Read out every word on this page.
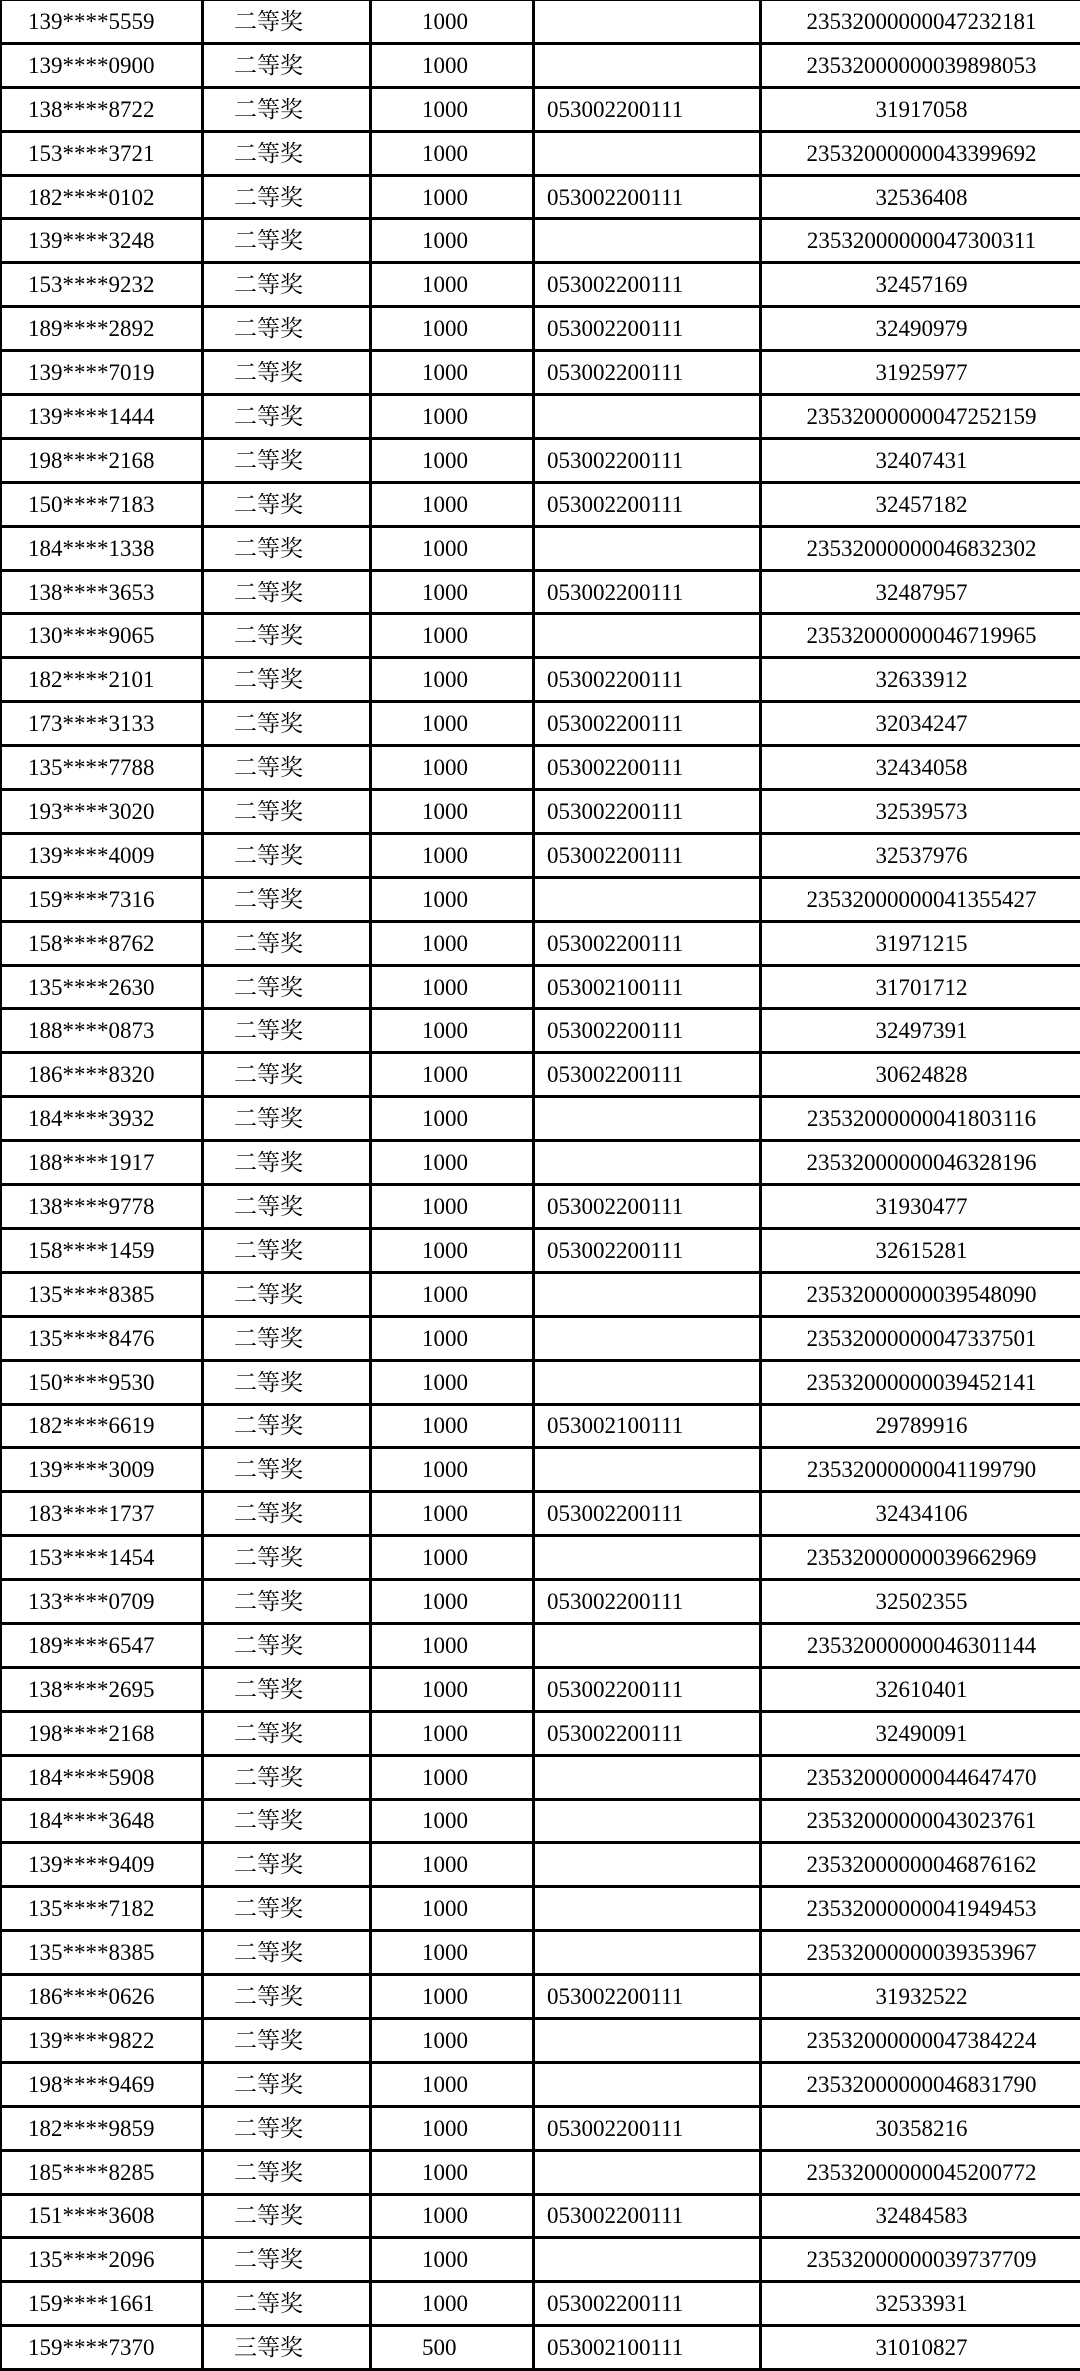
139****5559	二等奖	1000		23532000000047232181
139****0900	二等奖	1000		23532000000039898053
138****8722	二等奖	1000	053002200111	31917058
153****3721	二等奖	1000		23532000000043399692
182****0102	二等奖	1000	053002200111	32536408
139****3248	二等奖	1000		23532000000047300311
153****9232	二等奖	1000	053002200111	32457169
189****2892	二等奖	1000	053002200111	32490979
139****7019	二等奖	1000	053002200111	31925977
139****1444	二等奖	1000		23532000000047252159
198****2168	二等奖	1000	053002200111	32407431
150****7183	二等奖	1000	053002200111	32457182
184****1338	二等奖	1000		23532000000046832302
138****3653	二等奖	1000	053002200111	32487957
130****9065	二等奖	1000		23532000000046719965
182****2101	二等奖	1000	053002200111	32633912
173****3133	二等奖	1000	053002200111	32034247
135****7788	二等奖	1000	053002200111	32434058
193****3020	二等奖	1000	053002200111	32539573
139****4009	二等奖	1000	053002200111	32537976
159****7316	二等奖	1000		23532000000041355427
158****8762	二等奖	1000	053002200111	31971215
135****2630	二等奖	1000	053002100111	31701712
188****0873	二等奖	1000	053002200111	32497391
186****8320	二等奖	1000	053002200111	30624828
184****3932	二等奖	1000		23532000000041803116
188****1917	二等奖	1000		23532000000046328196
138****9778	二等奖	1000	053002200111	31930477
158****1459	二等奖	1000	053002200111	32615281
135****8385	二等奖	1000		23532000000039548090
135****8476	二等奖	1000		23532000000047337501
150****9530	二等奖	1000		23532000000039452141
182****6619	二等奖	1000	053002100111	29789916
139****3009	二等奖	1000		23532000000041199790
183****1737	二等奖	1000	053002200111	32434106
153****1454	二等奖	1000		23532000000039662969
133****0709	二等奖	1000	053002200111	32502355
189****6547	二等奖	1000		23532000000046301144
138****2695	二等奖	1000	053002200111	32610401
198****2168	二等奖	1000	053002200111	32490091
184****5908	二等奖	1000		23532000000044647470
184****3648	二等奖	1000		23532000000043023761
139****9409	二等奖	1000		23532000000046876162
135****7182	二等奖	1000		23532000000041949453
135****8385	二等奖	1000		23532000000039353967
186****0626	二等奖	1000	053002200111	31932522
139****9822	二等奖	1000		23532000000047384224
198****9469	二等奖	1000		23532000000046831790
182****9859	二等奖	1000	053002200111	30358216
185****8285	二等奖	1000		23532000000045200772
151****3608	二等奖	1000	053002200111	32484583
135****2096	二等奖	1000		23532000000039737709
159****1661	二等奖	1000	053002200111	32533931
159****7370	三等奖	500	053002100111	31010827
